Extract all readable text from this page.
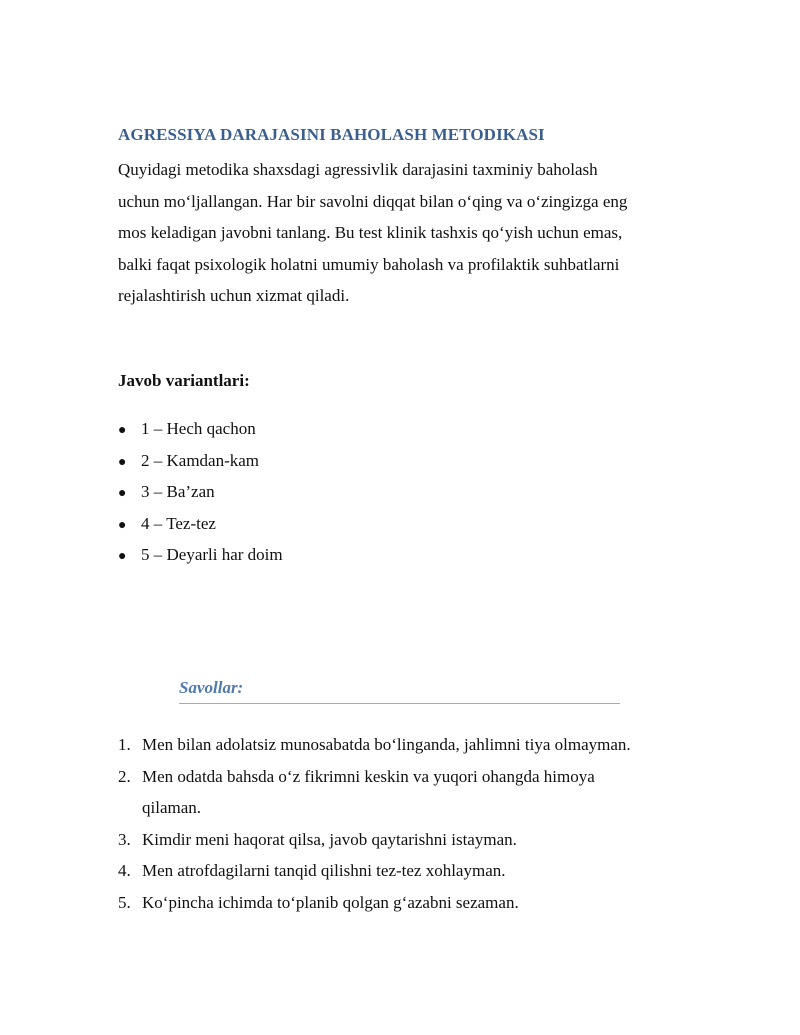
AGRESSIYA DARAJASINI BAHOLASH METODIKASI
Quyidagi metodika shaxsdagi agressivlik darajasini taxminiy baholash
uchun mo‘ljallangan. Har bir savolni diqqat bilan o‘qing va o‘zingizga eng
mos keladigan javobni tanlang. Bu test klinik tashxis qo‘yish uchun emas,
balki faqat psixologik holatni umumiy baholash va profilaktik suhbatlarni
rejalashtirish uchun xizmat qiladi.
Javob variantlari:
● 1 – Hech qachon
● 2 – Kamdan-kam
● 3 – Ba’zan
● 4 – Tez-tez
● 5 – Deyarli har doim
Savollar:
1. Men bilan adolatsiz munosabatda bo‘linganda, jahlimni tiya olmayman.
2. Men odatda bahsda o‘z fikrimni keskin va yuqori ohangda himoya
qilaman.
3. Kimdir meni haqorat qilsa, javob qaytarishni istayman.
4. Men atrofdagilarni tanqid qilishni tez-tez xohlayman.
5. Ko‘pincha ichimda to‘planib qolgan g‘azabni sezaman.
